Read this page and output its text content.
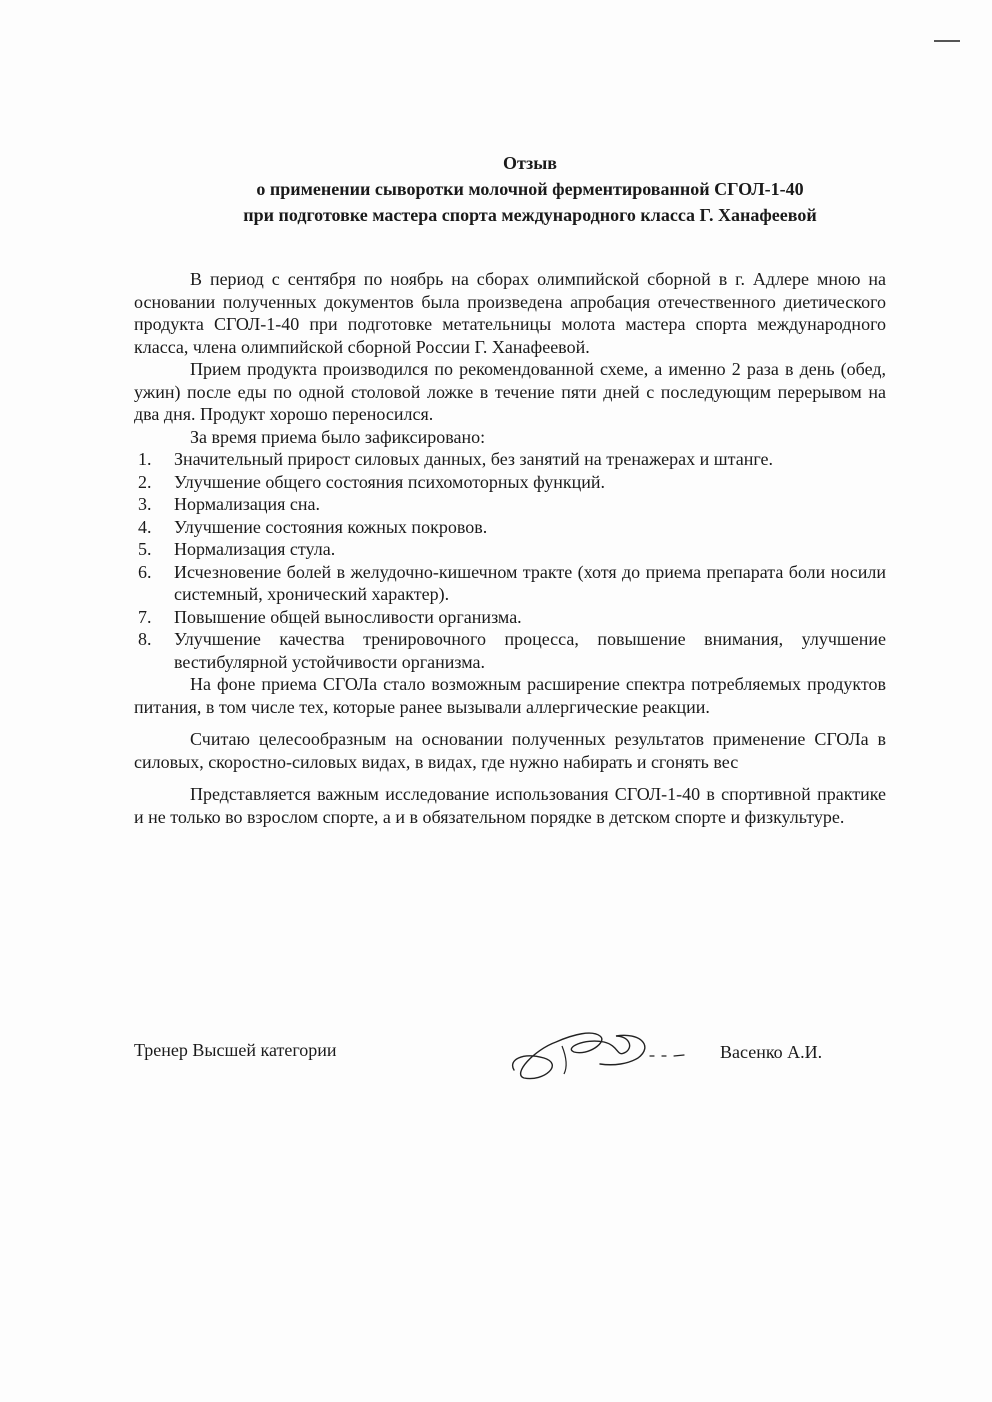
Отзыв
о применении сыворотки молочной ферментированной СГОЛ-1-40
при подготовке мастера спорта международного класса Г. Ханафеевой

В период с сентября по ноябрь на сборах олимпийской сборной в г. Адлере мною на основании полученных документов была произведена апробация отечественного диетического продукта СГОЛ-1-40 при подготовке метательницы молота мастера спорта международного класса, члена олимпийской сборной России Г. Ханафеевой.

Прием продукта производился по рекомендованной схеме, а именно 2 раза в день (обед, ужин) после еды по одной столовой ложке в течение пяти дней с последующим перерывом на два дня. Продукт хорошо переносился.

За время приема было зафиксировано:

1. Значительный прирост силовых данных, без занятий на тренажерах и штанге.
2. Улучшение общего состояния психомоторных функций.
3. Нормализация сна.
4. Улучшение состояния кожных покровов.
5. Нормализация стула.
6. Исчезновение болей в желудочно-кишечном тракте (хотя до приема препарата боли носили системный, хронический характер).
7. Повышение общей выносливости организма.
8. Улучшение качества тренировочного процесса, повышение внимания, улучшение вестибулярной устойчивости организма.

На фоне приема СГОЛа стало возможным расширение спектра потребляемых продуктов питания, в том числе тех, которые ранее вызывали аллергические реакции.

Считаю целесообразным на основании полученных результатов применение СГОЛа в силовых, скоростно-силовых видах, в видах, где нужно набирать и сгонять вес

Представляется важным исследование использования СГОЛ-1-40 в спортивной практике и не только во взрослом спорте, а и в обязательном порядке в детском спорте и физкультуре.

Тренер Высшей категории	Васенко А.И.
